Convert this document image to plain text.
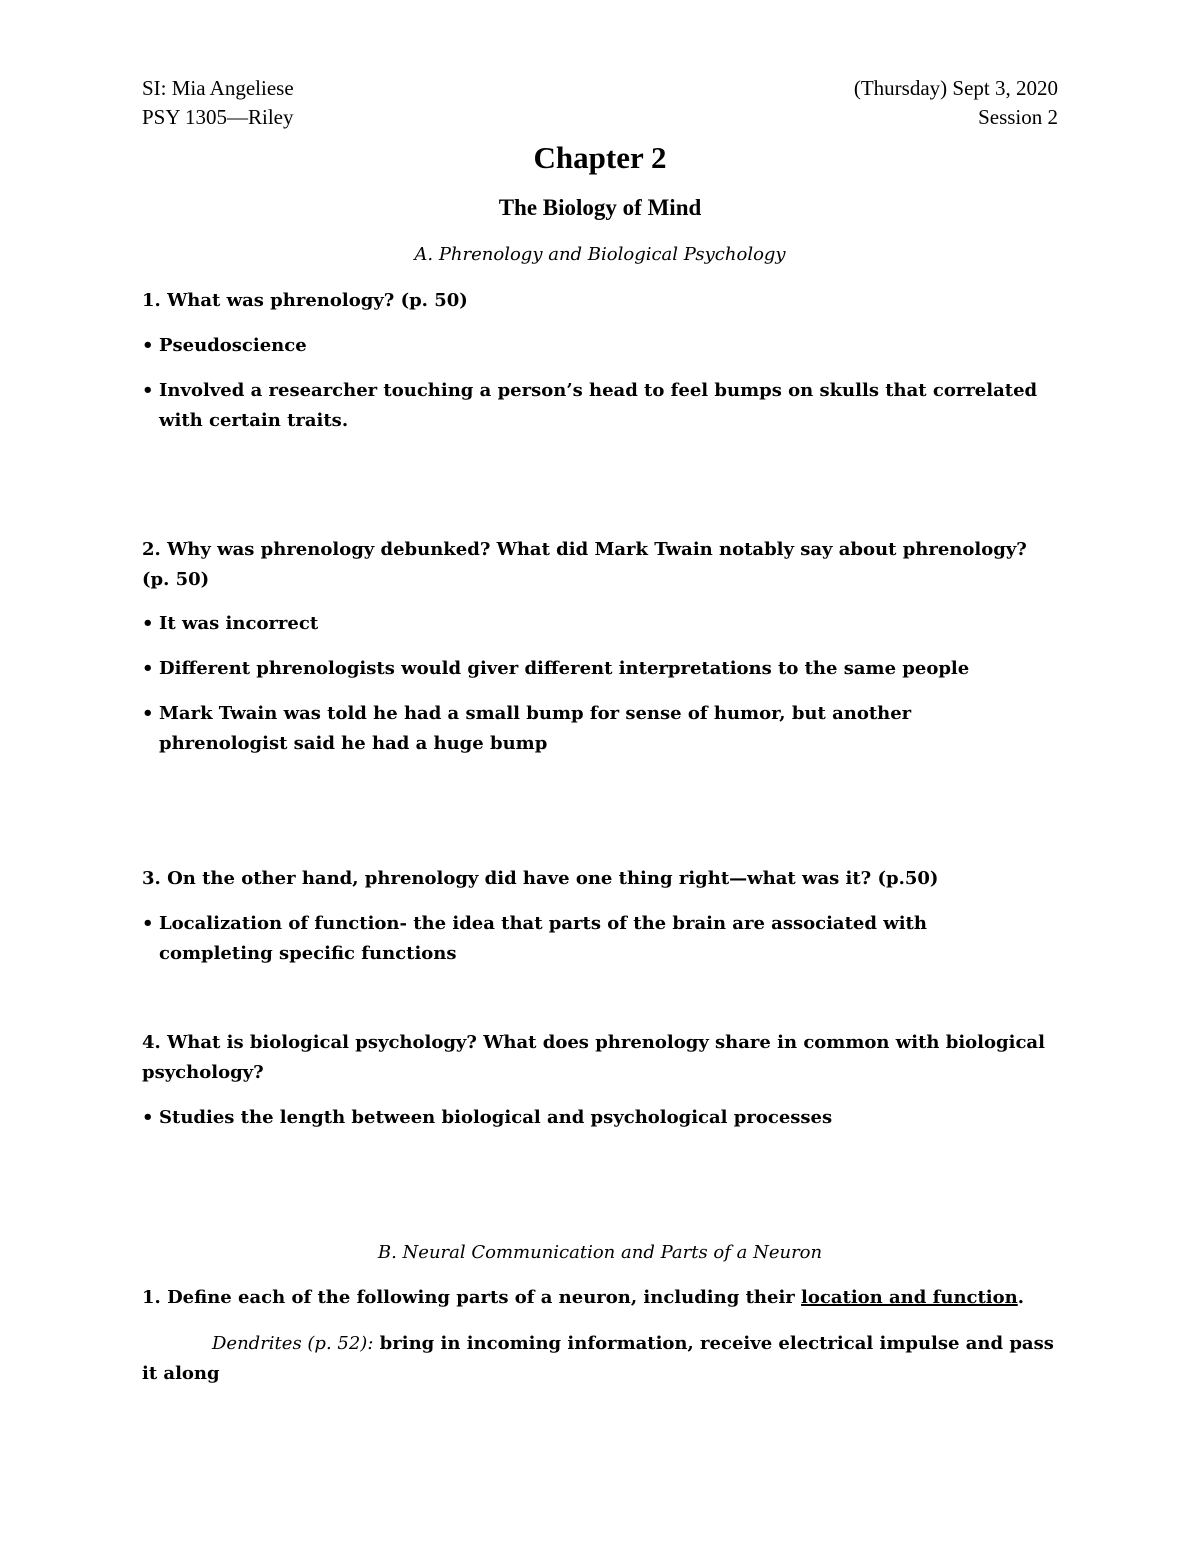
SI: Mia Angeliese	(Thursday) Sept 3, 2020
PSY 1305—Riley	Session 2
Chapter 2
The Biology of Mind
A. Phrenology and Biological Psychology
1. What was phrenology? (p. 50)
• Pseudoscience
• Involved a researcher touching a person’s head to feel bumps on skulls that correlated with certain traits.
2. Why was phrenology debunked? What did Mark Twain notably say about phrenology? (p. 50)
• It was incorrect
• Different phrenologists would giver different interpretations to the same people
• Mark Twain was told he had a small bump for sense of humor, but another phrenologist said he had a huge bump
3. On the other hand, phrenology did have one thing right—what was it? (p.50)
• Localization of function- the idea that parts of the brain are associated with completing specific functions
4. What is biological psychology? What does phrenology share in common with biological psychology?
• Studies the length between biological and psychological processes
B. Neural Communication and Parts of a Neuron
1. Define each of the following parts of a neuron, including their location and function.
Dendrites (p. 52): bring in incoming information, receive electrical impulse and pass it along
